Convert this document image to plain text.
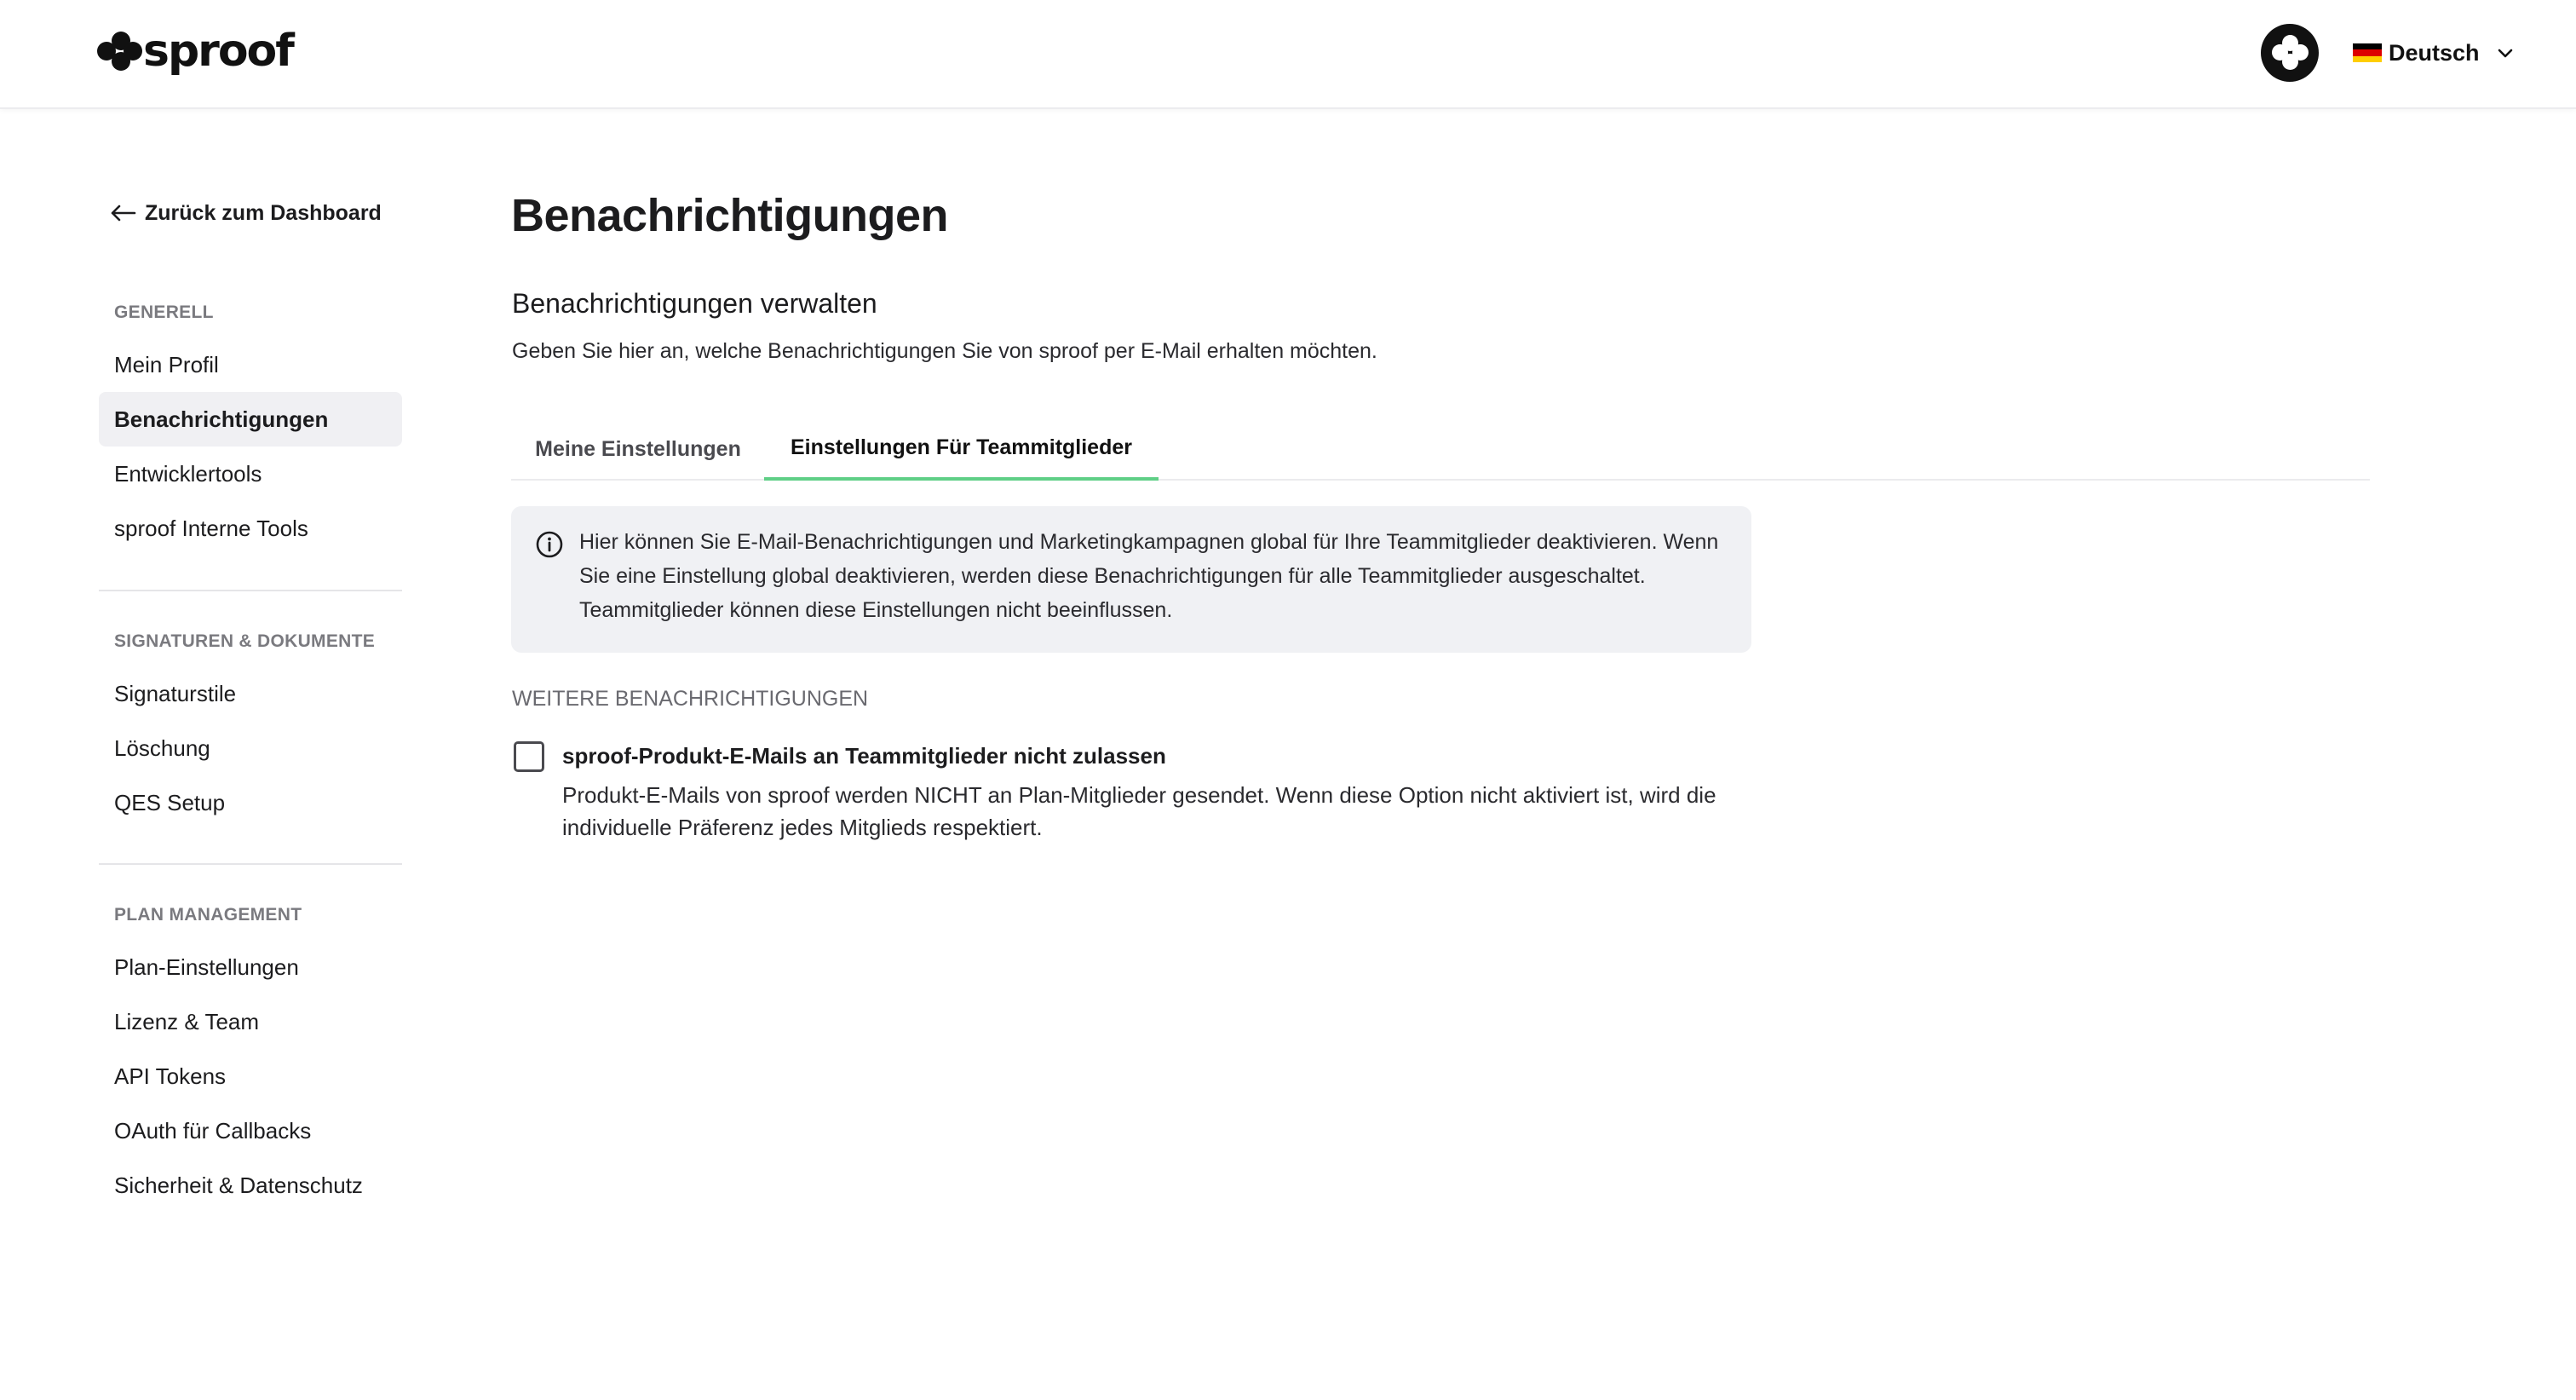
sproof	Deutsch
Zurück zum Dashboard
GENERELL
Mein Profil
Benachrichtigungen
Entwicklertools
sproof Interne Tools
SIGNATUREN & DOKUMENTE
Signaturstile
Löschung
QES Setup
PLAN MANAGEMENT
Plan-Einstellungen
Lizenz & Team
API Tokens
OAuth für Callbacks
Sicherheit & Datenschutz
Benachrichtigungen
Benachrichtigungen verwalten
Geben Sie hier an, welche Benachrichtigungen Sie von sproof per E-Mail erhalten möchten.
Meine Einstellungen	Einstellungen Für Teammitglieder
Hier können Sie E-Mail-Benachrichtigungen und Marketingkampagnen global für Ihre Teammitglieder deaktivieren. Wenn Sie eine Einstellung global deaktivieren, werden diese Benachrichtigungen für alle Teammitglieder ausgeschaltet. Teammitglieder können diese Einstellungen nicht beeinflussen.
WEITERE BENACHRICHTIGUNGEN
sproof-Produkt-E-Mails an Teammitglieder nicht zulassen
Produkt-E-Mails von sproof werden NICHT an Plan-Mitglieder gesendet. Wenn diese Option nicht aktiviert ist, wird die individuelle Präferenz jedes Mitglieds respektiert.
